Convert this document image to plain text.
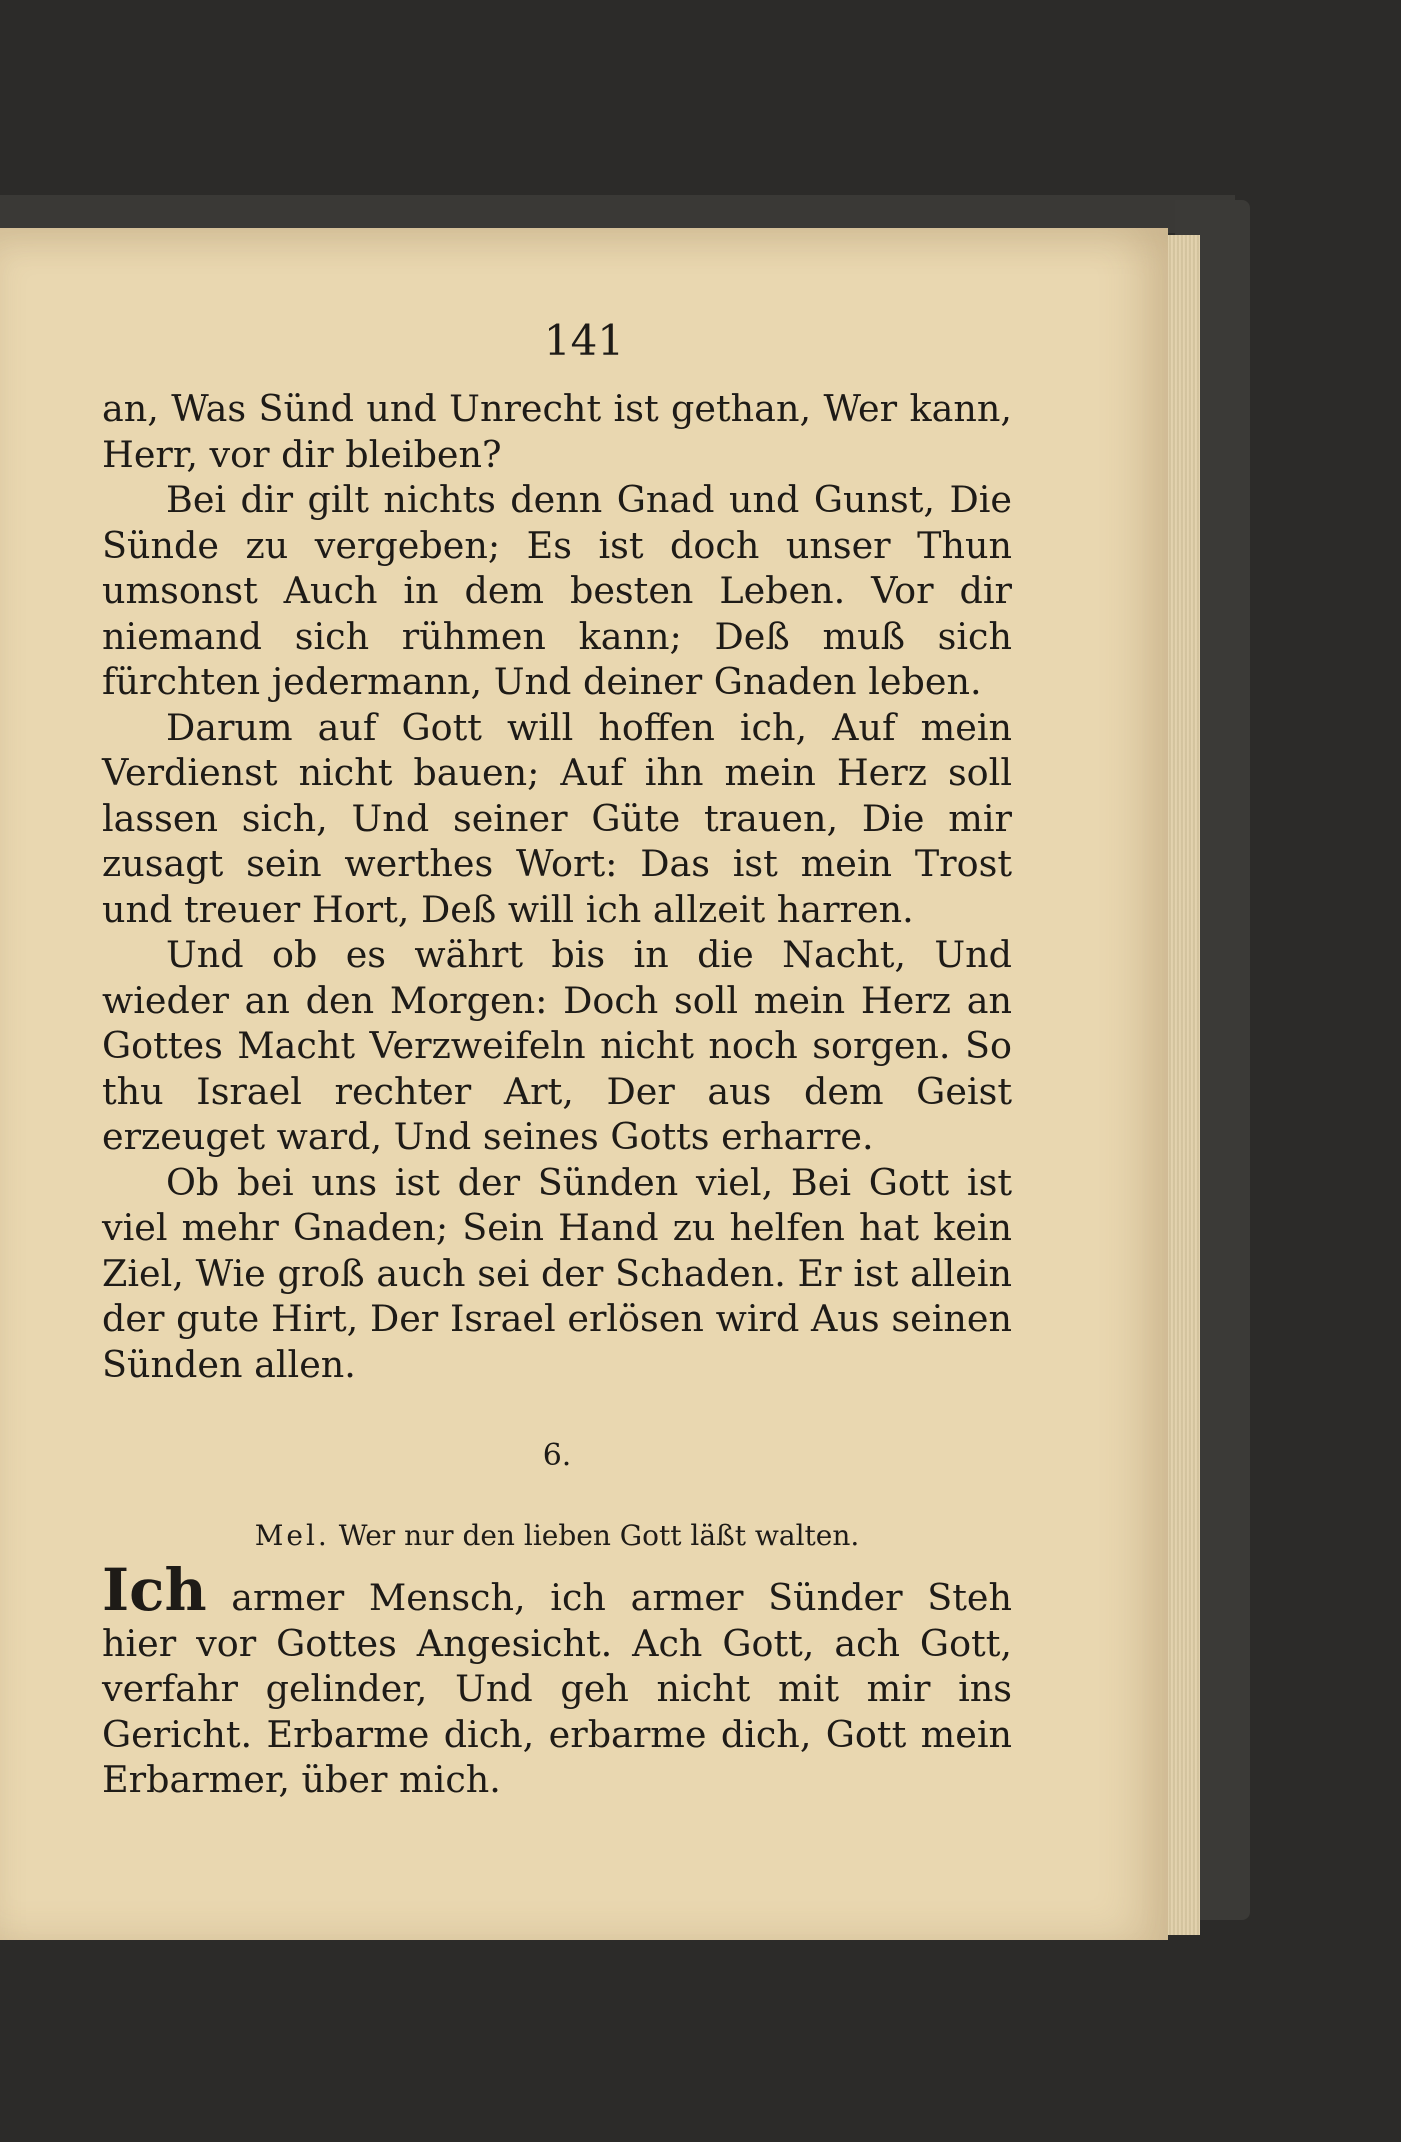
141

an, Was Sünd und Unrecht ist gethan, Wer kann, Herr, vor dir bleiben?

Bei dir gilt nichts denn Gnad und Gunst, Die Sünde zu vergeben; Es ist doch unser Thun umsonst Auch in dem besten Leben. Vor dir niemand sich rühmen kann; Deß muß sich fürchten jedermann, Und deiner Gnaden leben.

Darum auf Gott will hoffen ich, Auf mein Verdienst nicht bauen; Auf ihn mein Herz soll lassen sich, Und seiner Güte trauen, Die mir zusagt sein werthes Wort: Das ist mein Trost und treuer Hort, Deß will ich allzeit harren.

Und ob es währt bis in die Nacht, Und wieder an den Morgen: Doch soll mein Herz an Gottes Macht Verzweifeln nicht noch sorgen. So thu Israel rechter Art, Der aus dem Geist erzeuget ward, Und seines Gotts erharre.

Ob bei uns ist der Sünden viel, Bei Gott ist viel mehr Gnaden; Sein Hand zu helfen hat kein Ziel, Wie groß auch sei der Schaden. Er ist allein der gute Hirt, Der Israel erlösen wird Aus seinen Sünden allen.

6.
Mel. Wer nur den lieben Gott läßt walten.

Ich armer Mensch, ich armer Sünder Steh hier vor Gottes Angesicht. Ach Gott, ach Gott, verfahr gelinder, Und geh nicht mit mir ins Gericht. Erbarme dich, erbarme dich, Gott mein Erbarmer, über mich.
